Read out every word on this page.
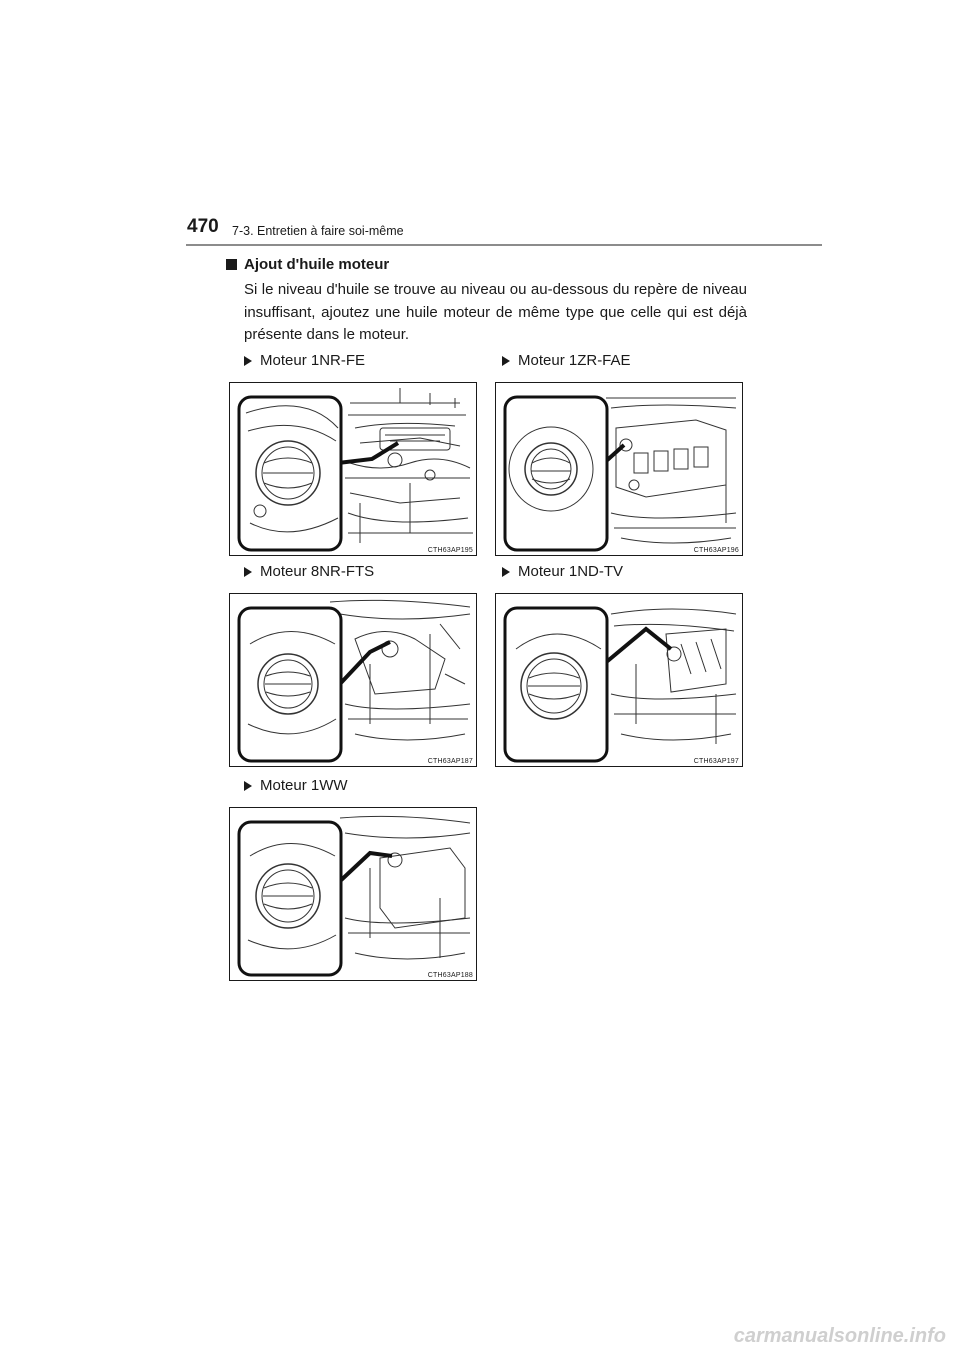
470 7-3. Entretien à faire soi-même
Ajout d'huile moteur
Si le niveau d'huile se trouve au niveau ou au-dessous du repère de niveau insuffisant, ajoutez une huile moteur de même type que celle qui est déjà présente dans le moteur.
Moteur 1NR-FE	Moteur 1ZR-FAE
CTH63AP195	CTH63AP196
Moteur 8NR-FTS	Moteur 1ND-TV
CTH63AP187	CTH63AP197
Moteur 1WW
CTH63AP188
carmanualsonline.info
